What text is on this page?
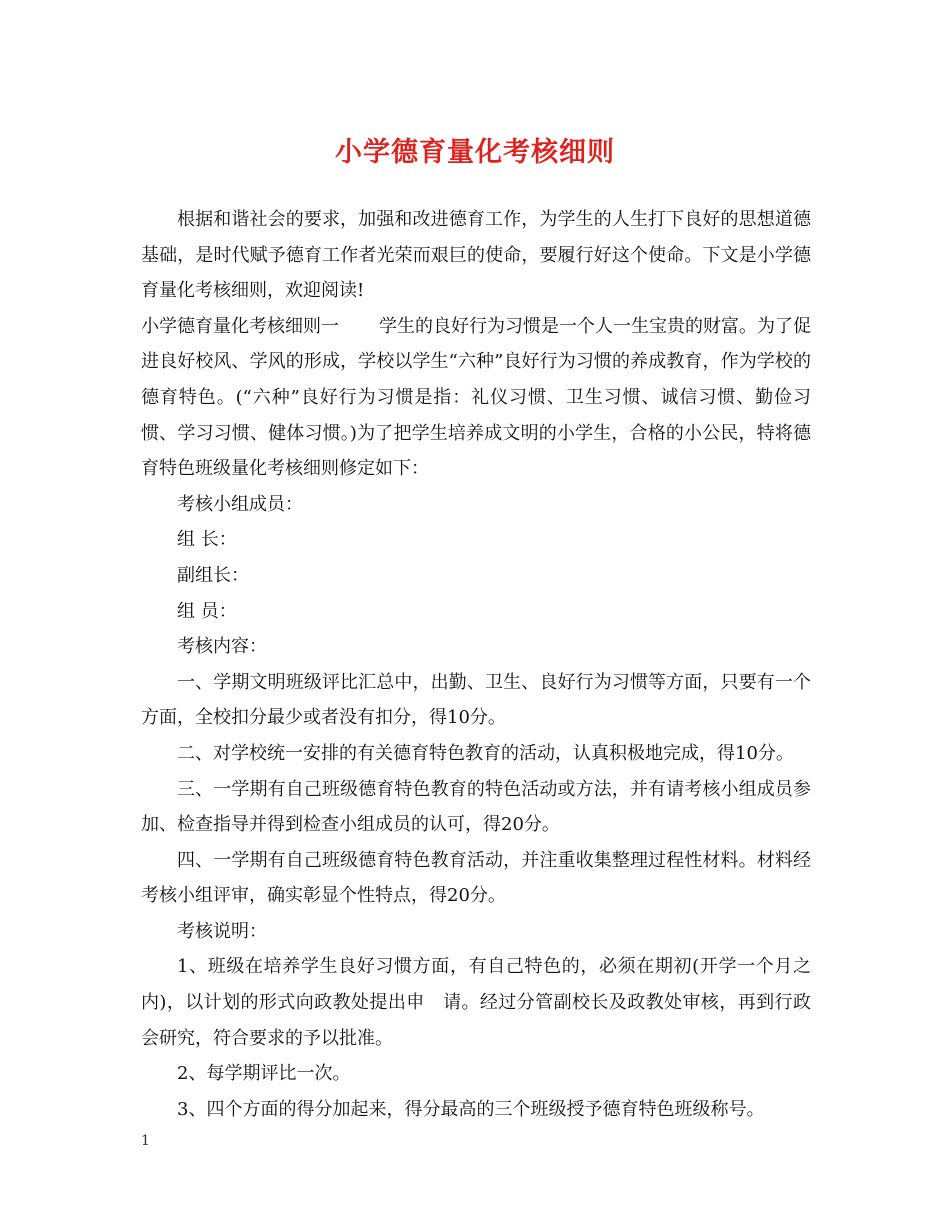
小学德育量化考核细则

根据和谐社会的要求，加强和改进德育工作，为学生的人生打下良好的思想道德基础，是时代赋予德育工作者光荣而艰巨的使命，要履行好这个使命。下文是小学德育量化考核细则，欢迎阅读!

小学德育量化考核细则一 学生的良好行为习惯是一个人一生宝贵的财富。为了促进良好校风、学风的形成，学校以学生“六种”良好行为习惯的养成教育，作为学校的德育特色。(“六种”良好行为习惯是指：礼仪习惯、卫生习惯、诚信习惯、勤俭习惯、学习习惯、健体习惯。)为了把学生培养成文明的小学生，合格的小公民，特将德育特色班级量化考核细则修定如下：

考核小组成员：

组 长：

副组长：

组 员：

考核内容：

一、学期文明班级评比汇总中，出勤、卫生、良好行为习惯等方面，只要有一个方面，全校扣分最少或者没有扣分，得10分。

二、对学校统一安排的有关德育特色教育的活动，认真积极地完成，得10分。

三、一学期有自己班级德育特色教育的特色活动或方法，并有请考核小组成员参加、检查指导并得到检查小组成员的认可，得20分。

四、一学期有自己班级德育特色教育活动，并注重收集整理过程性材料。材料经考核小组评审，确实彰显个性特点，得20分。

考核说明：

1、班级在培养学生良好习惯方面，有自己特色的，必须在期初(开学一个月之内)，以计划的形式向政教处提出申　请。经过分管副校长及政教处审核，再到行政会研究，符合要求的予以批准。

2、每学期评比一次。

3、四个方面的得分加起来，得分最高的三个班级授予德育特色班级称号。

1
